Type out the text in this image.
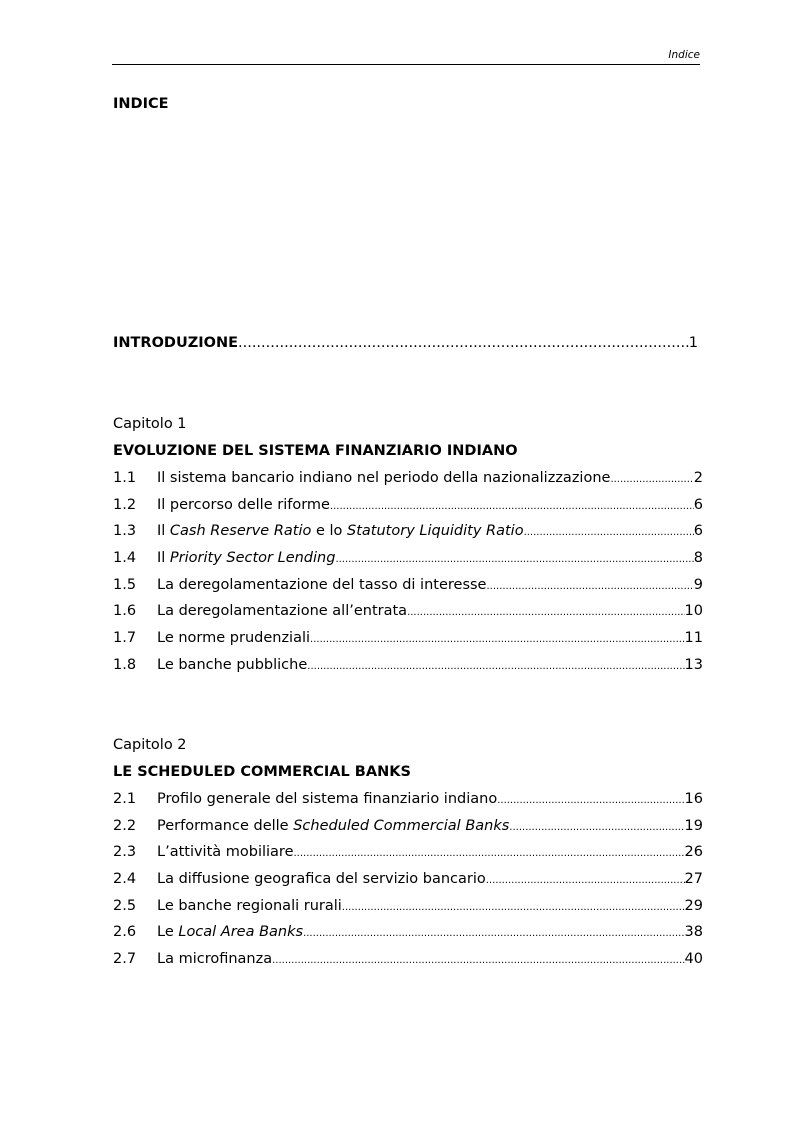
Indice
INDICE
INTRODUZIONE .....	1
Capitolo 1
EVOLUZIONE DEL SISTEMA FINANZIARIO INDIANO
1.1	Il sistema bancario indiano nel periodo della nazionalizzazione .....	2
1.2	Il percorso delle riforme .....	6
1.3	Il Cash Reserve Ratio e lo Statutory Liquidity Ratio .....	6
1.4	Il Priority Sector Lending .....	8
1.5	La deregolamentazione del tasso di interesse .....	9
1.6	La deregolamentazione all’entrata .....	10
1.7	Le norme prudenziali .....	11
1.8	Le banche pubbliche .....	13
Capitolo 2
LE SCHEDULED COMMERCIAL BANKS
2.1	Profilo generale del sistema finanziario indiano .....	16
2.2	Performance delle Scheduled Commercial Banks .....	19
2.3	L’attività mobiliare .....	26
2.4	La diffusione geografica del servizio bancario .....	27
2.5	Le banche regionali rurali .....	29
2.6	Le Local Area Banks .....	38
2.7	La microfinanza .....	40
